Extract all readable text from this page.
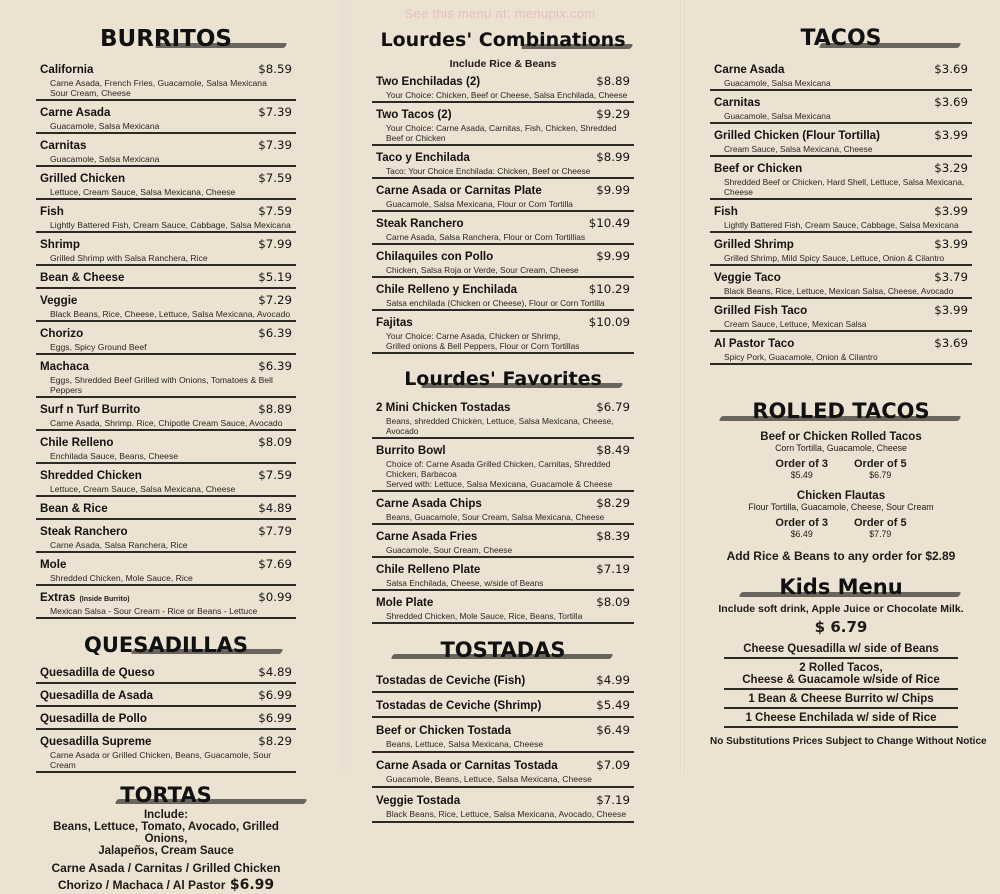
See this menu at: menupix.com
BURRITOS
California	$8.59
Carne Asada, French Fries, Guacamole, Salsa Mexicana
Sour Cream, Cheese
Carne Asada	$7.39
Guacamole, Salsa Mexicana
Carnitas	$7.39
Guacamole, Salsa Mexicana
Grilled Chicken	$7.59
Lettuce, Cream Sauce, Salsa Mexicana, Cheese
Fish	$7.59
Lightly Battered Fish, Cream Sauce, Cabbage, Salsa Mexicana
Shrimp	$7.99
Grilled Shrimp with Salsa Ranchera, Rice
Bean & Cheese	$5.19
Veggie	$7.29
Black Beans, Rice, Cheese, Lettuce, Salsa Mexicana, Avocado
Chorizo	$6.39
Eggs, Spicy Ground Beef
Machaca	$6.39
Eggs, Shredded Beef Grilled with Onions, Tomatoes & Bell Peppers
Surf n Turf Burrito	$8.89
Carne Asada, Shrimp. Rice, Chipotle Cream Sauce, Avocado
Chile Relleno	$8.09
Enchilada Sauce, Beans, Cheese
Shredded Chicken	$7.59
Lettuce, Cream Sauce, Salsa Mexicana, Cheese
Bean & Rice	$4.89
Steak Ranchero	$7.79
Carne Asada, Salsa Ranchera, Rice
Mole	$7.69
Shredded Chicken, Mole Sauce, Rice
Extras (Inside Burrito)	$0.99
Mexican Salsa - Sour Cream - Rice or Beans - Lettuce
QUESADILLAS
Quesadilla de Queso	$4.89
Quesadilla de Asada	$6.99
Quesadilla de Pollo	$6.99
Quesadilla Supreme	$8.29
Carne Asada or Grilled Chicken, Beans, Guacamole, Sour Cream
TORTAS
Include:
Beans, Lettuce, Tomato, Avocado, Grilled Onions,
Jalapeños, Cream Sauce
Carne Asada / Carnitas / Grilled Chicken
Chorizo / Machaca / Al Pastor $6.99
Lourdes' Combinations
Include Rice & Beans
Two Enchiladas (2)	$8.89
Your Choice: Chicken, Beef or Cheese, Salsa Enchilada, Cheese
Two Tacos (2)	$9.29
Your Choice: Carne Asada, Carnitas, Fish, Chicken, Shredded Beef or Chicken
Taco y Enchilada	$8.99
Taco: Your Choice Enchilada: Chicken, Beef or Cheese
Carne Asada or Carnitas Plate	$9.99
Guacamole, Salsa Mexicana, Flour or Corn Tortilla
Steak Ranchero	$10.49
Carne Asada, Salsa Ranchera, Flour or Corn Tortillias
Chilaquiles con Pollo	$9.99
Chicken, Salsa Roja or Verde, Sour Cream, Cheese
Chile Relleno y Enchilada	$10.29
Salsa enchilada (Chicken or Cheese), Flour or Corn Tortilla
Fajitas	$10.09
Your Choice: Carne Asada, Chicken or Shrimp,
Grilled onions & Bell Peppers, Flour or Corn Tortillas
Lourdes' Favorites
2 Mini Chicken Tostadas	$6.79
Beans, shredded Chicken, Lettuce, Salsa Mexicana, Cheese, Avocado
Burrito Bowl	$8.49
Choice of: Carne Asada Grilled Chicken, Carnitas, Shredded Chicken, Barbacoa
Served with: Lettuce, Salsa Mexicana, Guacamole & Cheese
Carne Asada Chips	$8.29
Beans, Guacamole, Sour Cream, Salsa Mexicana, Cheese
Carne Asada Fries	$8.39
Guacamole, Sour Cream, Cheese
Chile Relleno Plate	$7.19
Salsa Enchilada, Cheese, w/side of Beans
Mole Plate	$8.09
Shredded Chicken, Mole Sauce, Rice, Beans, Tortilla
TOSTADAS
Tostadas de Ceviche (Fish)	$4.99
Tostadas de Ceviche (Shrimp)	$5.49
Beef or Chicken Tostada	$6.49
Beans, Lettuce, Salsa Mexicana, Cheese
Carne Asada or Carnitas Tostada	$7.09
Guacamole, Beans, Lettuce, Salsa Mexicana, Cheese
Veggie Tostada	$7.19
Black Beans, Rice, Lettuce, Salsa Mexicana, Avocado, Cheese
TACOS
Carne Asada	$3.69
Guacamole, Salsa Mexicana
Carnitas	$3.69
Guacamole, Salsa Mexicana
Grilled Chicken (Flour Tortilla)	$3.99
Cream Sauce, Salsa Mexicana, Cheese
Beef or Chicken	$3.29
Shredded Beef or Chicken, Hard Shell, Lettuce, Salsa Mexicana, Cheese
Fish	$3.99
Lightly Battered Fish, Cream Sauce, Cabbage, Salsa Mexicana
Grilled Shrimp	$3.99
Grilled Shrimp, Mild Spicy Sauce, Lettuce, Onion & Cilantro
Veggie Taco	$3.79
Black Beans, Rice, Lettuce, Mexican Salsa, Cheese, Avocado
Grilled Fish Taco	$3.99
Cream Sauce, Lettuce, Mexican Salsa
Al Pastor Taco	$3.69
Spicy Pork, Guacamole, Onion & Cilantro
ROLLED TACOS
Beef or Chicken Rolled Tacos
Corn Tortilla, Guacamole, Cheese
Order of 3
$5.49
Order of 5
$6.79
Chicken Flautas
Flour Tortilla, Guacamole, Cheese, Sour Cream
Order of 3
$6.49
Order of 5
$7.79
Add Rice & Beans to any order for $2.89
Kids Menu
Include soft drink, Apple Juice or Chocolate Milk.
$ 6.79
Cheese Quesadilla w/ side of Beans
2 Rolled Tacos,
Cheese & Guacamole w/side of Rice
1 Bean & Cheese Burrito w/ Chips
1 Cheese Enchilada w/ side of Rice
No Substitutions Prices Subject to Change Without Notice
